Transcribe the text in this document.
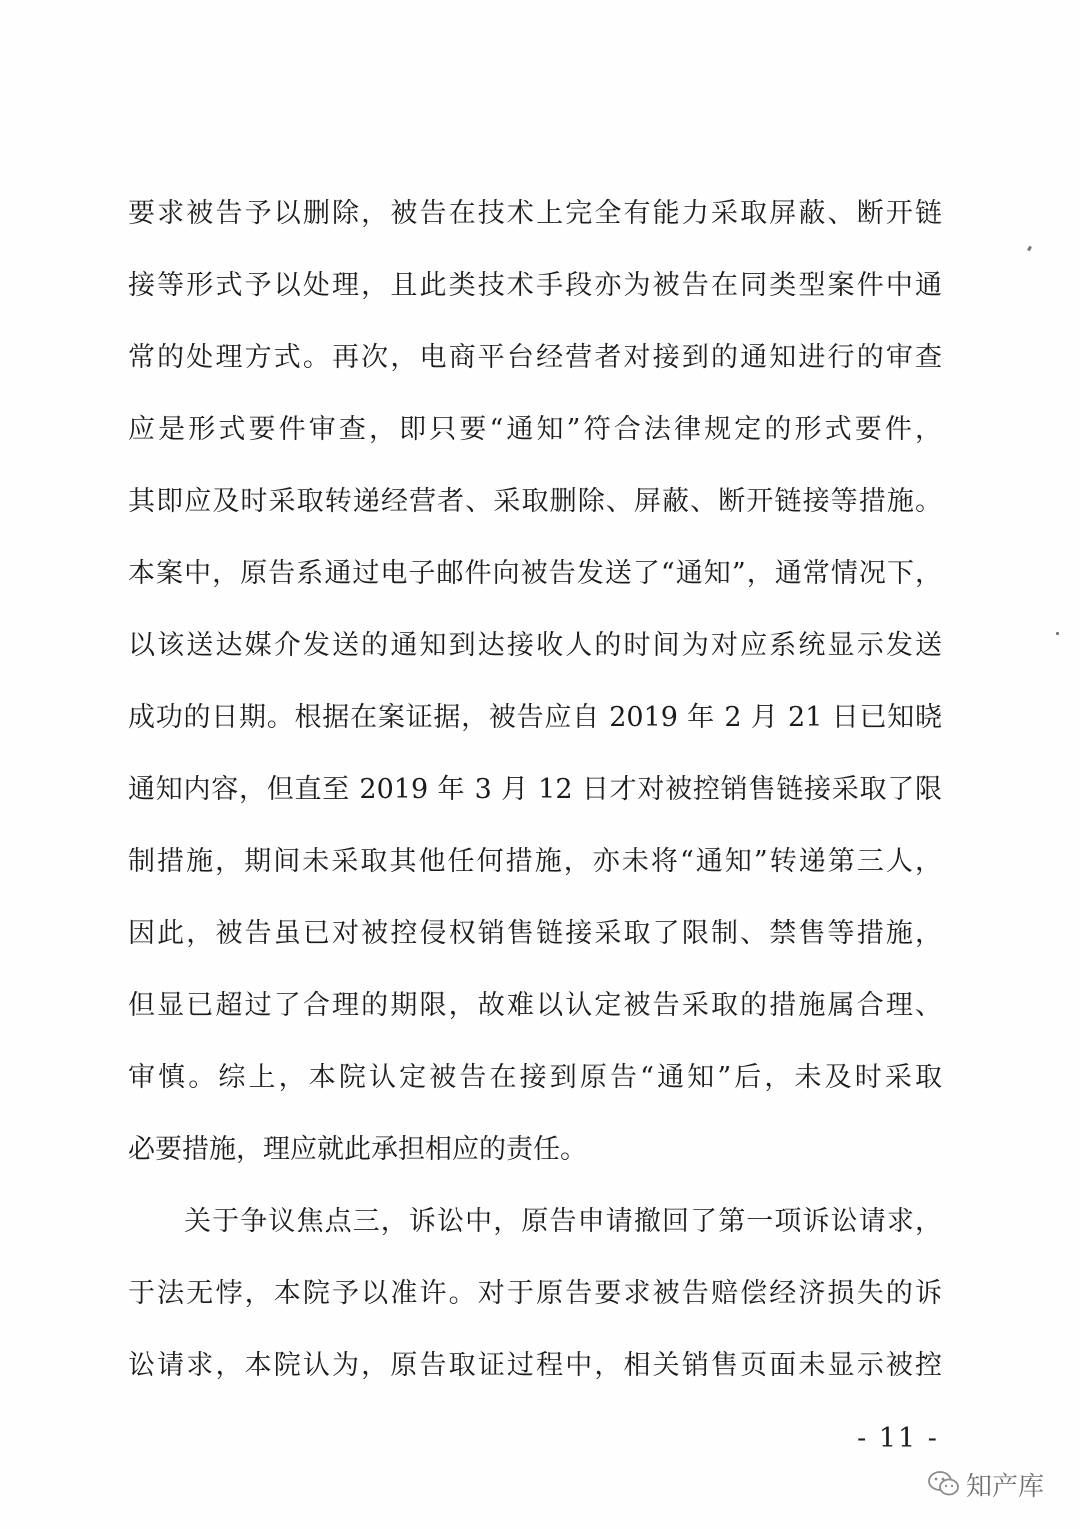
要求被告予以删除，被告在技术上完全有能力采取屏蔽、断开链
接等形式予以处理，且此类技术手段亦为被告在同类型案件中通
常的处理方式。再次，电商平台经营者对接到的通知进行的审查
应是形式要件审查，即只要“通知”符合法律规定的形式要件，
其即应及时采取转递经营者、采取删除、屏蔽、断开链接等措施。
本案中，原告系通过电子邮件向被告发送了“通知”，通常情况下，
以该送达媒介发送的通知到达接收人的时间为对应系统显示发送
成功的日期。根据在案证据，被告应自 2019 年 2 月 21 日已知晓
通知内容，但直至 2019 年 3 月 12 日才对被控销售链接采取了限
制措施，期间未采取其他任何措施，亦未将“通知”转递第三人，
因此，被告虽已对被控侵权销售链接采取了限制、禁售等措施，
但显已超过了合理的期限，故难以认定被告采取的措施属合理、
审慎。综上，本院认定被告在接到原告“通知”后，未及时采取
必要措施，理应就此承担相应的责任。
关于争议焦点三，诉讼中，原告申请撤回了第一项诉讼请求，
于法无悖，本院予以准许。对于原告要求被告赔偿经济损失的诉
讼请求，本院认为，原告取证过程中，相关销售页面未显示被控
- 11 -
知产库
